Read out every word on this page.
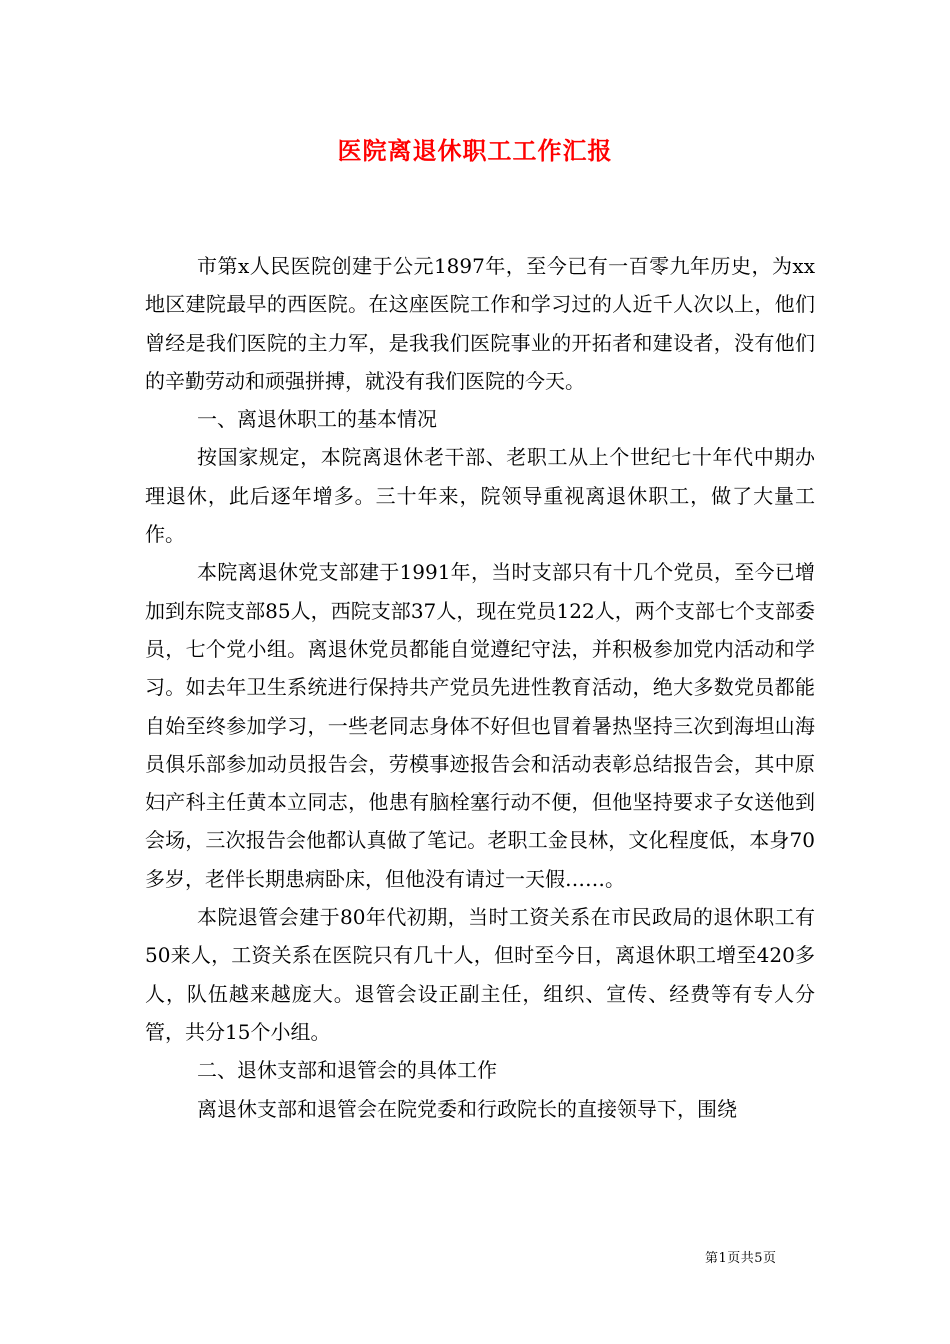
医院离退休职工工作汇报

市第x人民医院创建于公元1897年，至今已有一百零九年历史，为xx地区建院最早的西医院。在这座医院工作和学习过的人近千人次以上，他们曾经是我们医院的主力军，是我我们医院事业的开拓者和建设者，没有他们的辛勤劳动和顽强拼搏，就没有我们医院的今天。

一、离退休职工的基本情况

按国家规定，本院离退休老干部、老职工从上个世纪七十年代中期办理退休，此后逐年增多。三十年来，院领导重视离退休职工，做了大量工作。

本院离退休党支部建于1991年，当时支部只有十几个党员，至今已增加到东院支部85人，西院支部37人，现在党员122人，两个支部七个支部委员，七个党小组。离退休党员都能自觉遵纪守法，并积极参加党内活动和学习。如去年卫生系统进行保持共产党员先进性教育活动，绝大多数党员都能自始至终参加学习，一些老同志身体不好但也冒着暑热坚持三次到海坦山海员俱乐部参加动员报告会，劳模事迹报告会和活动表彰总结报告会，其中原妇产科主任黄本立同志，他患有脑栓塞行动不便，但他坚持要求子女送他到会场，三次报告会他都认真做了笔记。老职工金艮林，文化程度低，本身70多岁，老伴长期患病卧床，但他没有请过一天假……。

本院退管会建于80年代初期，当时工资关系在市民政局的退休职工有50来人，工资关系在医院只有几十人，但时至今日，离退休职工增至420多人，队伍越来越庞大。退管会设正副主任，组织、宣传、经费等有专人分管，共分15个小组。

二、退休支部和退管会的具体工作

离退休支部和退管会在院党委和行政院长的直接领导下，围绕

第1页共5页
